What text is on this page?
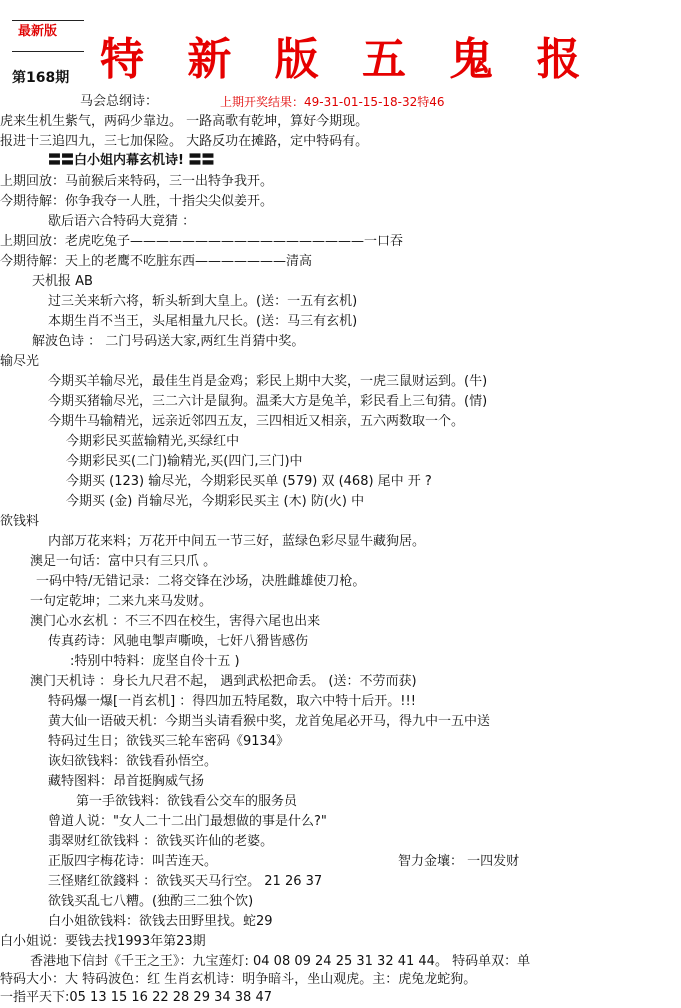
最新版
第168期 特 新 版 五 鬼 报
上期开奖结果：49-31-01-15-18-32特46
马会总纲诗：
虎来生机生紫气，两码少靠边。 一路高歌有乾坤，算好今期现。
报进十三追四九，三七加保险。 大路反功在摊路，定中特码有。
〓〓白小姐内幕玄机诗! 〓〓
上期回放：马前猴后来特码，三一出特争我开。
今期待解：你争我夺一人胜，十指尖尖似姜开。
歇后语六合特码大竟猜 ：
上期回放：老虎吃兔子——————————————————一口吞
今期待解：天上的老鹰不吃脏东西———————清高
天机报 AB
过三关来斩六将，斩头斩到大皇上。(送：一五有玄机)
本期生肖不当王，头尾相量九尺长。(送：马三有玄机)
解波色诗 ： 二门号码送大家,两红生肖猜中奖。
输尽光
今期买羊输尽光，最佳生肖是金鸡；彩民上期中大奖，一虎三鼠财运到。(牛)
今期买猪输尽光，三二六计是鼠狗。温柔大方是兔羊，彩民看上三旬猜。(情)
今期牛马输精光，远亲近邻四五友，三四相近又相亲，五六两数取一个。
今期彩民买蓝输精光,买绿红中
今期彩民买(二门)输精光,买(四门,三门)中
今期买 (123) 输尽光，今期彩民买单 (579) 双 (468) 尾中 开 ?
今期买 (金) 肖输尽光，今期彩民买主 (木) 防(火) 中
欲钱料
内部万花来料；万花开中间五一节三好，蓝绿色彩尽显牛藏狗居。
澳足一句话：富中只有三只爪 。
一码中特/无错记录：二将交锋在沙场，决胜雌雄使刀枪。
一句定乾坤；二来九来马发财。
澳门心水玄机 ：不三不四在校生，害得六尾也出来
传真药诗：风驰电掣声嘶唤，七奸八猾皆感伤
:特别中特料：庞坚自伶十五 )
澳门天机诗 ：身长九尺君不起， 遇到武松把命丢。 (送：不劳而获)
特码爆一爆[一肖玄机] ：得四加五特尾数，取六中特十后开。!!!
黄大仙一语破天机：今期当头请看猴中奖，龙首兔尾必开马，得九中一五中送
特码过生日；欲钱买三轮车密码《9134》
诙妇欲钱料：欲钱看孙悟空。
藏特图料：昂首挺胸威气扬
第一手欲钱料：欲钱看公交车的服务员
曾道人说："女人二十二出门最想做的事是什么?"
翡翠财红欲钱料 ：欲钱买许仙的老婆。
正版四字梅花诗：叫苦连天。	智力金壤： 一四发财
三怪赌红欲錢料 ：欲钱买天马行空。 21 26 37
欲钱买乱七八糟。(独酌三二独个饮)
白小姐欲钱料：欲钱去田野里找。蛇29
白小姐说：要钱去找1993年第23期
香港地下信封《千王之王》：九宝莲灯: 04 08 09 24 25 31 32 41 44。 特码单双：单
特码大小：大 特码波色：红 生肖玄机诗：明争暗斗，坐山观虎。主：虎兔龙蛇狗。
一指平天下:05 13 15 16 22 28 29 34 38 47
